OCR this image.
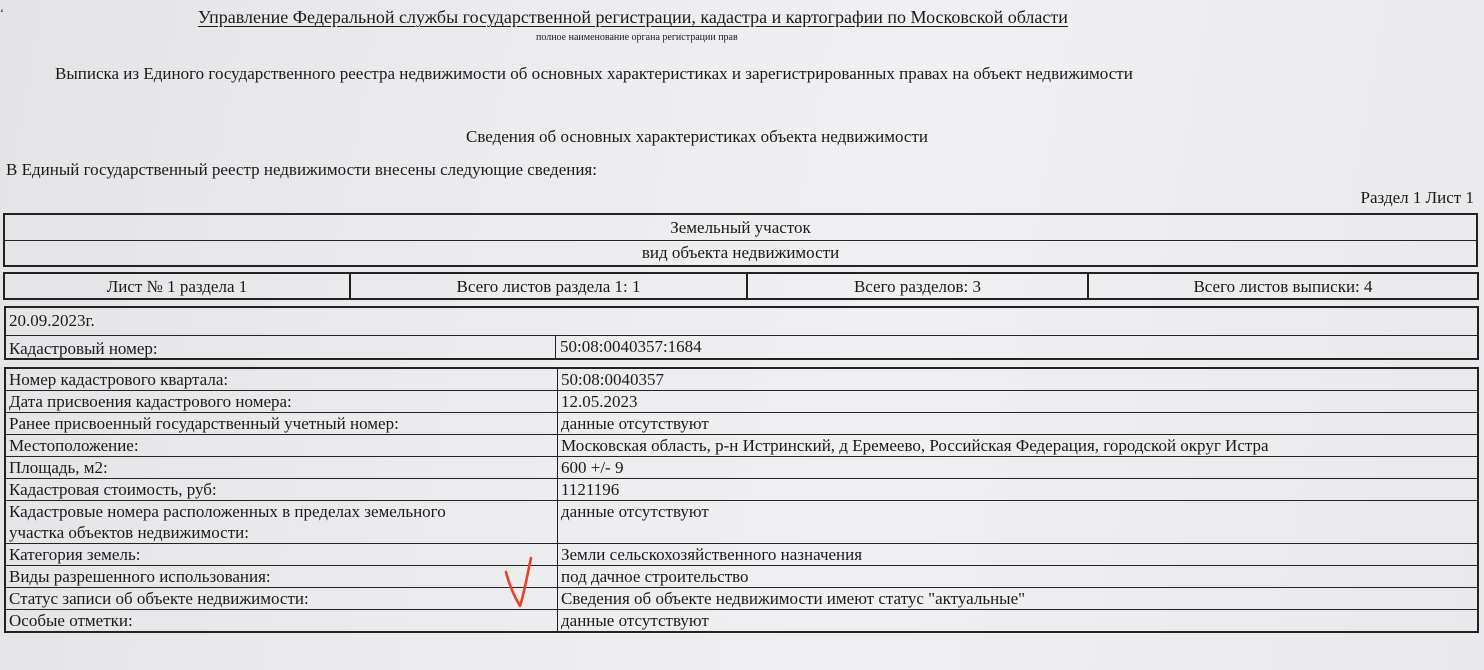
‘	Управление Федеральной службы государственной регистрации, кадастра и картографии по Московской области
полное наименование органа регистрации прав
Выписка из Единого государственного реестра недвижимости об основных характеристиках и зарегистрированных правах на объект недвижимости
Сведения об основных характеристиках объекта недвижимости
В Единый государственный реестр недвижимости внесены следующие сведения:
Раздел 1 Лист 1
Земельный участок
вид объекта недвижимости
Лист № 1 раздела 1	Всего листов раздела 1: 1	Всего разделов: 3	Всего листов выписки: 4
20.09.2023г.
Кадастровый номер:	50:08:0040357:1684
Номер кадастрового квартала:	50:08:0040357
Дата присвоения кадастрового номера:	12.05.2023
Ранее присвоенный государственный учетный номер:	данные отсутствуют
Местоположение:	Московская область, р-н Истринский, д Еремеево, Российская Федерация, городской округ Истра
Площадь, м2:	600 +/- 9
Кадастровая стоимость, руб:	1121196
Кадастровые номера расположенных в пределах земельного
участка объектов недвижимости:	данные отсутствуют
Категория земель:	Земли сельскохозяйственного назначения
Виды разрешенного использования:	под дачное строительство
Статус записи об объекте недвижимости:	Сведения об объекте недвижимости имеют статус "актуальные"
Особые отметки:	данные отсутствуют
